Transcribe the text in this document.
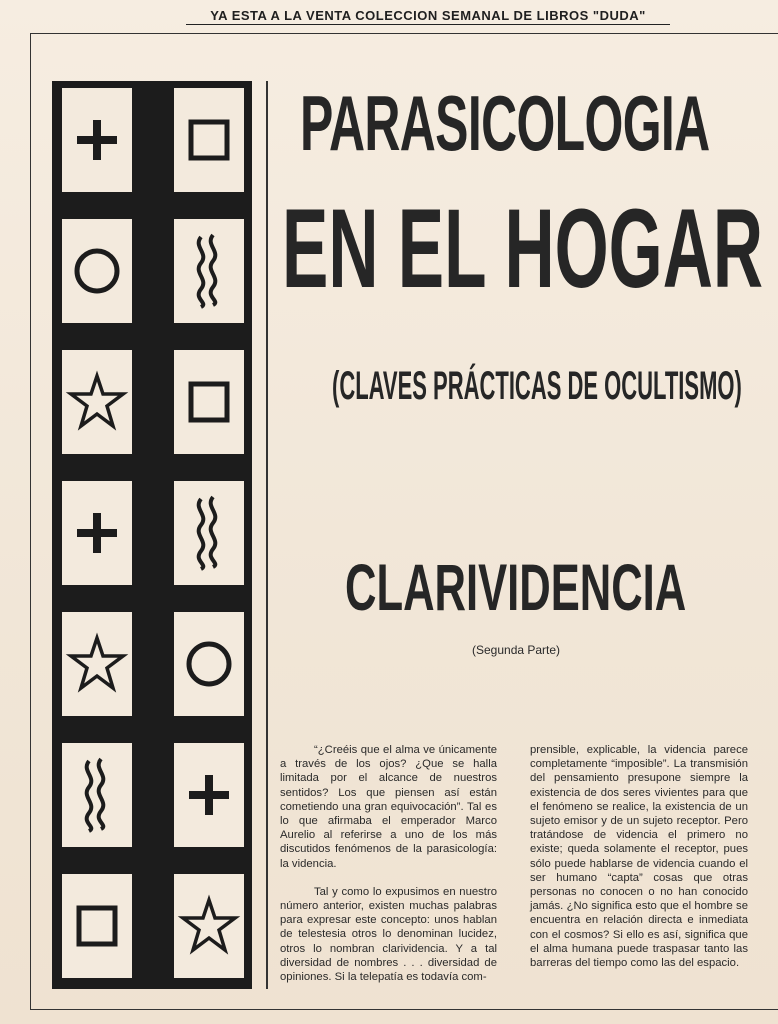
YA ESTA A LA VENTA COLECCION SEMANAL DE LIBROS "DUDA"
PARASICOLOGIA
EN EL HOGAR
(CLAVES PRÁCTICAS DE OCULTISMO)
CLARIVIDENCIA
(Segunda Parte)

“¿Creéis que el alma ve únicamente a través de los ojos? ¿Que se halla limitada por el alcance de nuestros sentidos? Los que piensen así están cometiendo una gran equivocación”. Tal es lo que afirmaba el emperador Marco Aurelio al referirse a uno de los más discutidos fenómenos de la parasicología: la videncia.

Tal y como lo expusimos en nuestro número anterior, existen muchas palabras para expresar este concepto: unos hablan de telestesia otros lo denominan lucidez, otros lo nombran clarividencia. Y a tal diversidad de nombres . . . diversidad de opiniones. Si la telepatía es todavía com-

prensible, explicable, la videncia parece completamente “imposible”. La transmisión del pensamiento presupone siempre la existencia de dos seres vivientes para que el fenómeno se realice, la existencia de un sujeto emisor y de un sujeto receptor. Pero tratándose de videncia el primero no existe; queda solamente el receptor, pues sólo puede hablarse de videncia cuando el ser humano “capta” cosas que otras personas no conocen o no han conocido jamás. ¿No significa esto que el hombre se encuentra en relación directa e inmediata con el cosmos? Si ello es así, significa que el alma humana puede traspasar tanto las barreras del tiempo como las del espacio.
